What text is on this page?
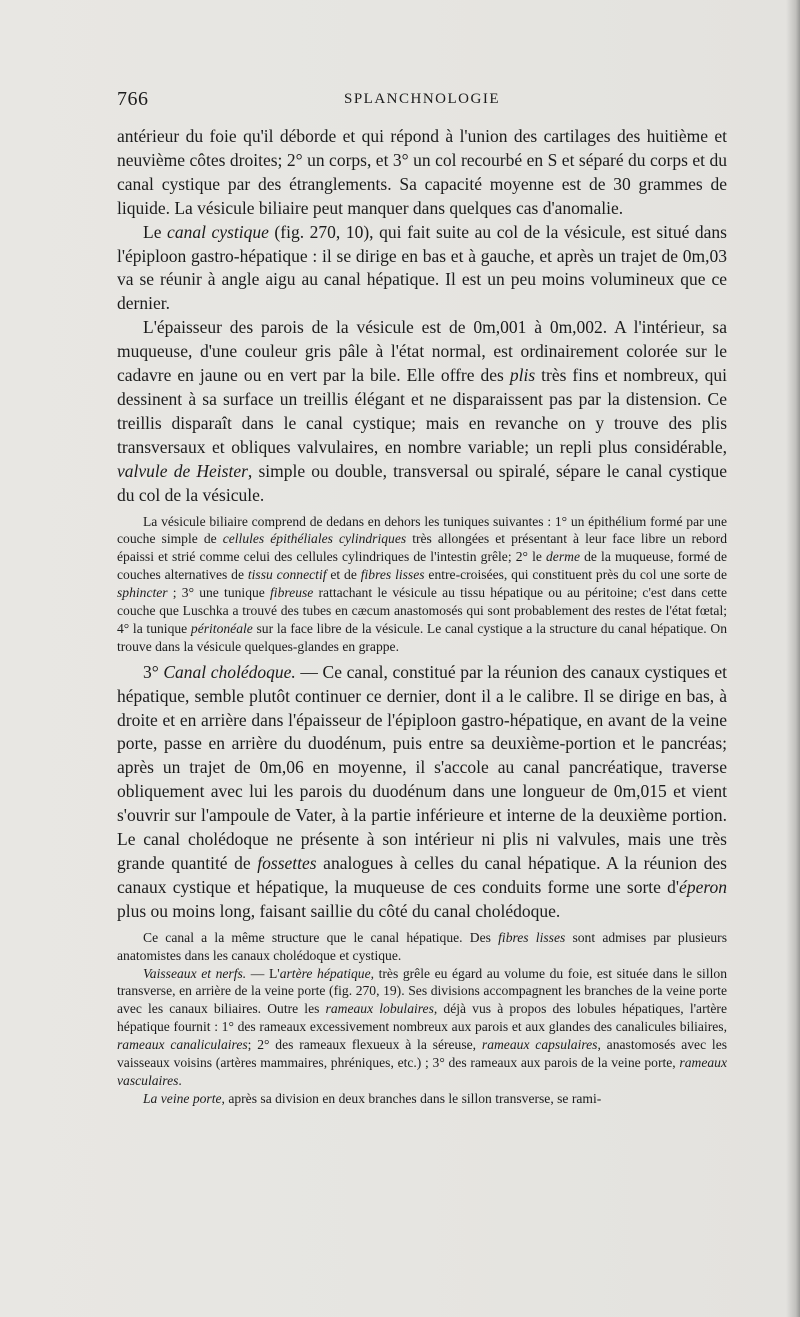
766	SPLANCHNOLOGIE

antérieur du foie qu'il déborde et qui répond à l'union des cartilages des huitième et neuvième côtes droites; 2° un corps, et 3° un col recourbé en S et séparé du corps et du canal cystique par des étranglements. Sa capacité moyenne est de 30 grammes de liquide. La vésicule biliaire peut manquer dans quelques cas d'anomalie.

Le canal cystique (fig. 270, 10), qui fait suite au col de la vésicule, est situé dans l'épiploon gastro-hépatique : il se dirige en bas et à gauche, et après un trajet de 0m,03 va se réunir à angle aigu au canal hépatique. Il est un peu moins volumineux que ce dernier.

L'épaisseur des parois de la vésicule est de 0m,001 à 0m,002. A l'intérieur, sa muqueuse, d'une couleur gris pâle à l'état normal, est ordinairement colorée sur le cadavre en jaune ou en vert par la bile. Elle offre des plis très fins et nombreux, qui dessinent à sa surface un treillis élégant et ne disparaissent pas par la distension. Ce treillis disparaît dans le canal cystique; mais en revanche on y trouve des plis transversaux et obliques valvulaires, en nombre variable; un repli plus considérable, valvule de Heister, simple ou double, transversal ou spiralé, sépare le canal cystique du col de la vésicule.

La vésicule biliaire comprend de dedans en dehors les tuniques suivantes : 1° un épithélium formé par une couche simple de cellules épithéliales cylindriques très allongées et présentant à leur face libre un rebord épaissi et strié comme celui des cellules cylindriques de l'intestin grêle; 2° le derme de la muqueuse, formé de couches alternatives de tissu connectif et de fibres lisses entre-croisées, qui constituent près du col une sorte de sphincter ; 3° une tunique fibreuse rattachant le vésicule au tissu hépatique ou au péritoine; c'est dans cette couche que Luschka a trouvé des tubes en cæcum anastomosés qui sont probablement des restes de l'état fœtal; 4° la tunique péritonéale sur la face libre de la vésicule. Le canal cystique a la structure du canal hépatique. On trouve dans la vésicule quelques-glandes en grappe.

3° Canal cholédoque. — Ce canal, constitué par la réunion des canaux cystiques et hépatique, semble plutôt continuer ce dernier, dont il a le calibre. Il se dirige en bas, à droite et en arrière dans l'épaisseur de l'épiploon gastro-hépatique, en avant de la veine porte, passe en arrière du duodénum, puis entre sa deuxième-portion et le pancréas; après un trajet de 0m,06 en moyenne, il s'accole au canal pancréatique, traverse obliquement avec lui les parois du duodénum dans une longueur de 0m,015 et vient s'ouvrir sur l'ampoule de Vater, à la partie inférieure et interne de la deuxième portion. Le canal cholédoque ne présente à son intérieur ni plis ni valvules, mais une très grande quantité de fossettes analogues à celles du canal hépatique. A la réunion des canaux cystique et hépatique, la muqueuse de ces conduits forme une sorte d'éperon plus ou moins long, faisant saillie du côté du canal cholédoque.

Ce canal a la même structure que le canal hépatique. Des fibres lisses sont admises par plusieurs anatomistes dans les canaux cholédoque et cystique.

Vaisseaux et nerfs. — L'artère hépatique, très grêle eu égard au volume du foie, est située dans le sillon transverse, en arrière de la veine porte (fig. 270, 19). Ses divisions accompagnent les branches de la veine porte avec les canaux biliaires. Outre les rameaux lobulaires, déjà vus à propos des lobules hépatiques, l'artère hépatique fournit : 1° des rameaux excessivement nombreux aux parois et aux glandes des canalicules biliaires, rameaux canaliculaires; 2° des rameaux flexueux à la séreuse, rameaux capsulaires, anastomosés avec les vaisseaux voisins (artères mammaires, phréniques, etc.) ; 3° des rameaux aux parois de la veine porte, rameaux vasculaires.

La veine porte, après sa division en deux branches dans le sillon transverse, se rami-
